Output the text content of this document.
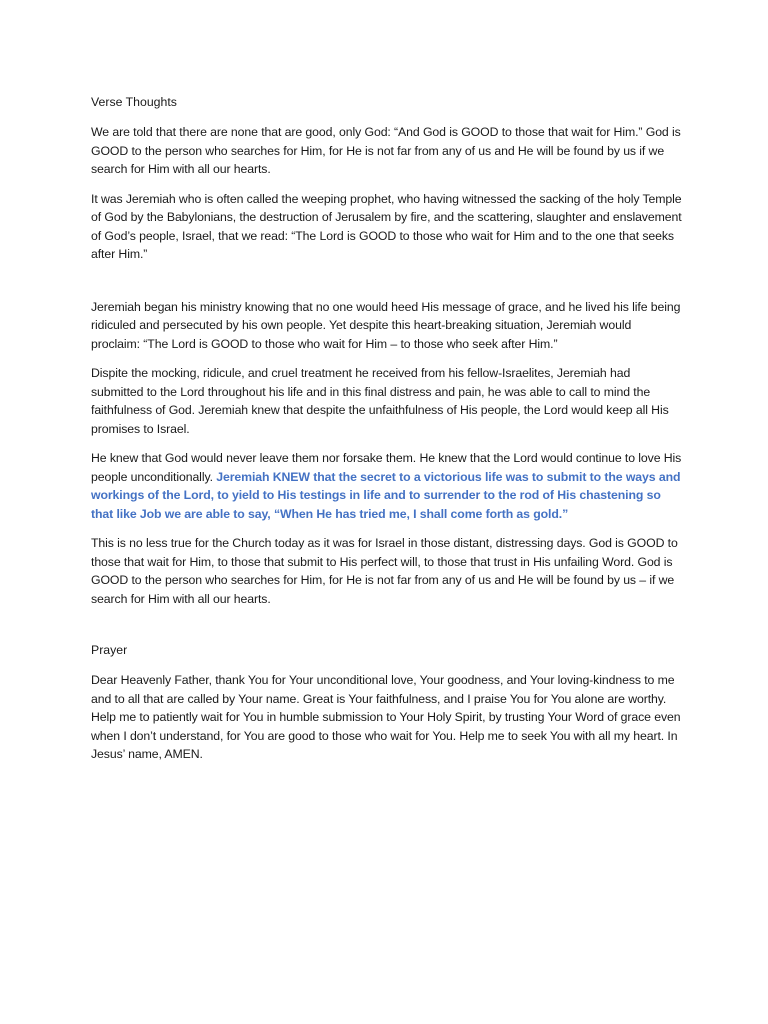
Verse Thoughts

We are told that there are none that are good, only God: “And God is GOOD to those that wait for Him.” God is GOOD to the person who searches for Him, for He is not far from any of us and He will be found by us if we search for Him with all our hearts.

It was Jeremiah who is often called the weeping prophet, who having witnessed the sacking of the holy Temple of God by the Babylonians, the destruction of Jerusalem by fire, and the scattering, slaughter and enslavement of God’s people, Israel, that we read: “The Lord is GOOD to those who wait for Him and to the one that seeks after Him.”

Jeremiah began his ministry knowing that no one would heed His message of grace, and he lived his life being ridiculed and persecuted by his own people. Yet despite this heart-breaking situation, Jeremiah would proclaim: “The Lord is GOOD to those who wait for Him – to those who seek after Him.”

Dispite the mocking, ridicule, and cruel treatment he received from his fellow-Israelites, Jeremiah had submitted to the Lord throughout his life and in this final distress and pain, he was able to call to mind the faithfulness of God. Jeremiah knew that despite the unfaithfulness of His people, the Lord would keep all His promises to Israel.

He knew that God would never leave them nor forsake them. He knew that the Lord would continue to love His people unconditionally. Jeremiah KNEW that the secret to a victorious life was to submit to the ways and workings of the Lord, to yield to His testings in life and to surrender to the rod of His chastening so that like Job we are able to say, “When He has tried me, I shall come forth as gold.”

This is no less true for the Church today as it was for Israel in those distant, distressing days. God is GOOD to those that wait for Him, to those that submit to His perfect will, to those that trust in His unfailing Word. God is GOOD to the person who searches for Him, for He is not far from any of us and He will be found by us – if we search for Him with all our hearts.

Prayer

Dear Heavenly Father, thank You for Your unconditional love, Your goodness, and Your loving-kindness to me and to all that are called by Your name. Great is Your faithfulness, and I praise You for You alone are worthy. Help me to patiently wait for You in humble submission to Your Holy Spirit, by trusting Your Word of grace even when I don’t understand, for You are good to those who wait for You. Help me to seek You with all my heart. In Jesus’ name, AMEN.
